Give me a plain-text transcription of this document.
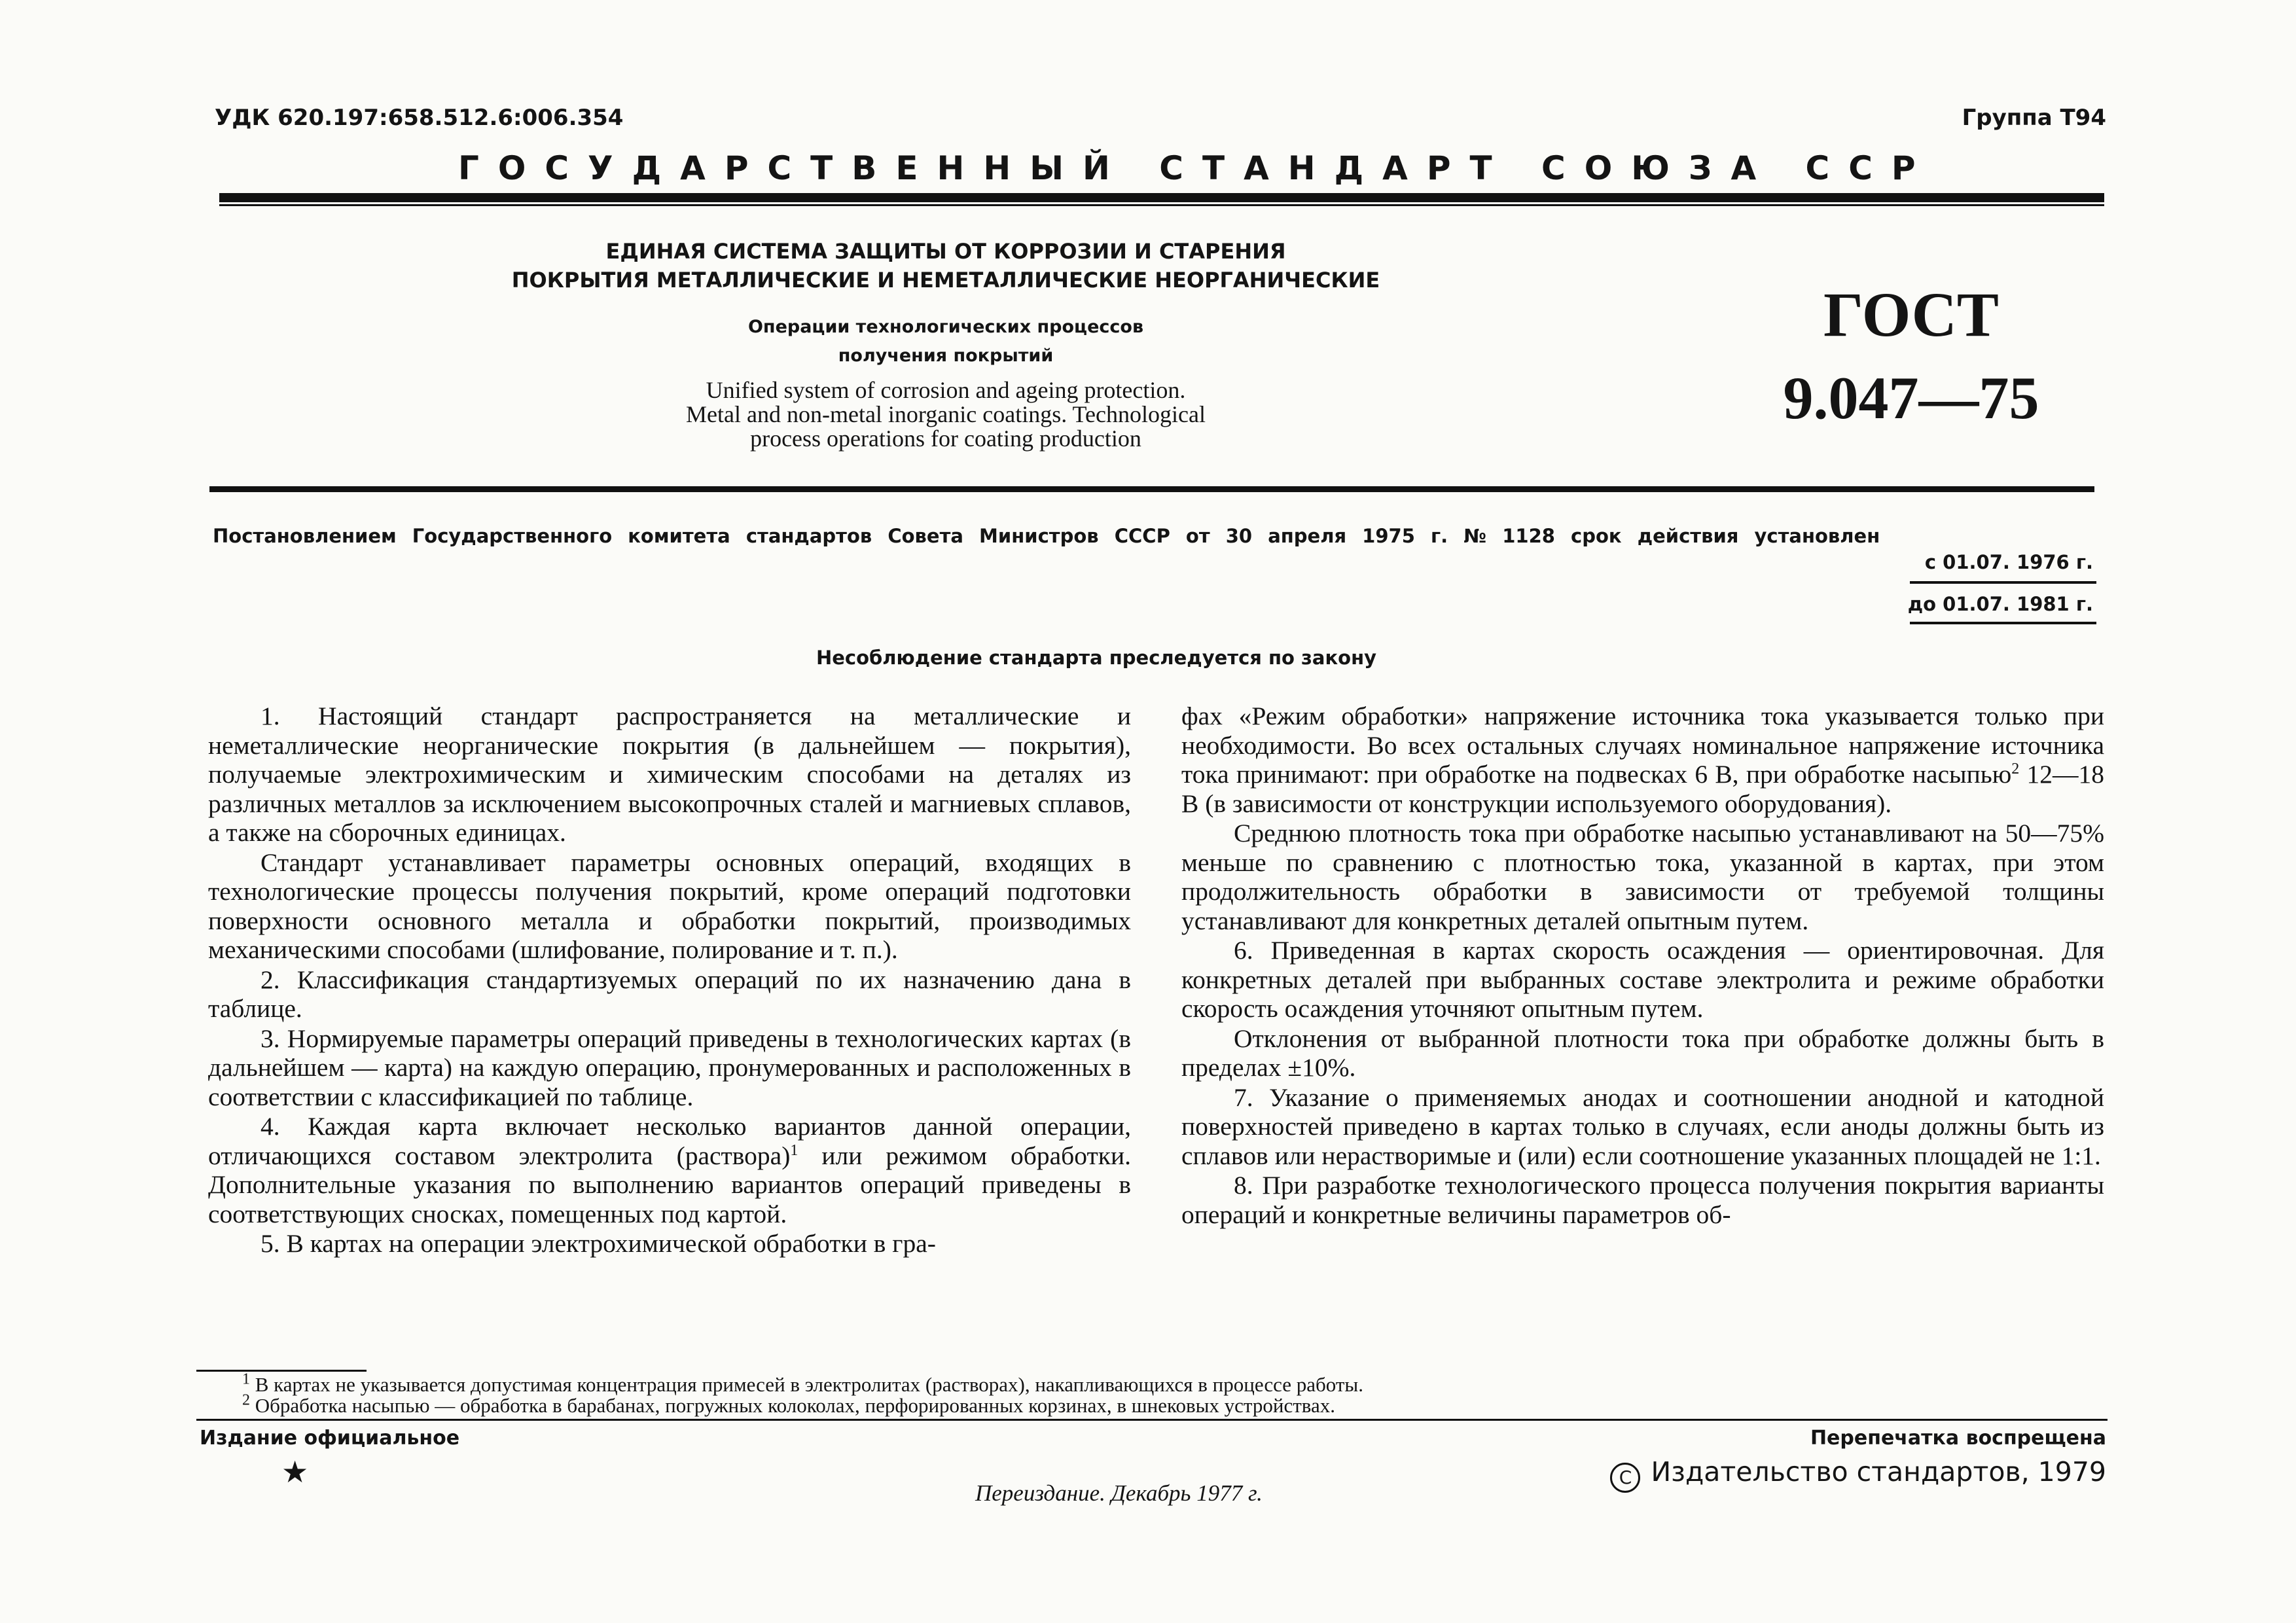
УДК 620.197:658.512.6:006.354	Группа Т94
ГОСУДАРСТВЕННЫЙ СТАНДАРТ СОЮЗА ССР
ЕДИНАЯ СИСТЕМА ЗАЩИТЫ ОТ КОРРОЗИИ И СТАРЕНИЯ
ПОКРЫТИЯ МЕТАЛЛИЧЕСКИЕ И НЕМЕТАЛЛИЧЕСКИЕ НЕОРГАНИЧЕСКИЕ
Операции технологических процессов
получения покрытий
Unified system of corrosion and ageing protection.
Metal and non-metal inorganic coatings. Technological
process operations for coating production
ГОСТ
9.047—75
Постановлением Государственного комитета стандартов Совета Министров СССР от 30 апреля 1975 г. № 1128 срок действия установлен
с 01.07. 1976 г.
до 01.07. 1981 г.
Несоблюдение стандарта преследуется по закону

1. Настоящий стандарт распространяется на металлические и неметаллические неорганические покрытия (в дальнейшем — покрытия), получаемые электрохимическим и химическим способами на деталях из различных металлов за исключением высокопрочных сталей и магниевых сплавов, а также на сборочных единицах.

Стандарт устанавливает параметры основных операций, входящих в технологические процессы получения покрытий, кроме операций подготовки поверхности основного металла и обработки покрытий, производимых механическими способами (шлифование, полирование и т. п.).

2. Классификация стандартизуемых операций по их назначению дана в таблице.

3. Нормируемые параметры операций приведены в технологических картах (в дальнейшем — карта) на каждую операцию, пронумерованных и расположенных в соответствии с классификацией по таблице.

4. Каждая карта включает несколько вариантов данной операции, отличающихся составом электролита (раствора)$^1$ или режимом обработки. Дополнительные указания по выполнению вариантов операций приведены в соответствующих сносках, помещенных под картой.

5. В картах на операции электрохимической обработки в гра-

фах «Режим обработки» напряжение источника тока указывается только при необходимости. Во всех остальных случаях номинальное напряжение источника тока принимают: при обработке на подвесках 6 В, при обработке насыпью$^2$ 12—18 В (в зависимости от конструкции используемого оборудования).

Среднюю плотность тока при обработке насыпью устанавливают на 50—75% меньше по сравнению с плотностью тока, указанной в картах, при этом продолжительность обработки в зависимости от требуемой толщины устанавливают для конкретных деталей опытным путем.

6. Приведенная в картах скорость осаждения — ориентировочная. Для конкретных деталей при выбранных составе электролита и режиме обработки скорость осаждения уточняют опытным путем.

Отклонения от выбранной плотности тока при обработке должны быть в пределах ±10%.

7. Указание о применяемых анодах и соотношении анодной и катодной поверхностей приведено в картах только в случаях, если аноды должны быть из сплавов или нерастворимые и (или) если соотношение указанных площадей не 1:1.

8. При разработке технологического процесса получения покрытия варианты операций и конкретные величины параметров об-

$^1$ В картах не указывается допустимая концентрация примесей в электролитах (растворах), накапливающихся в процессе работы.
$^2$ Обработка насыпью — обработка в барабанах, погружных колоколах, перфорированных корзинах, в шнековых устройствах.
Издание официальное
★
Перепечатка воспрещена
C Издательство стандартов, 1979
Переиздание. Декабрь 1977 г.
